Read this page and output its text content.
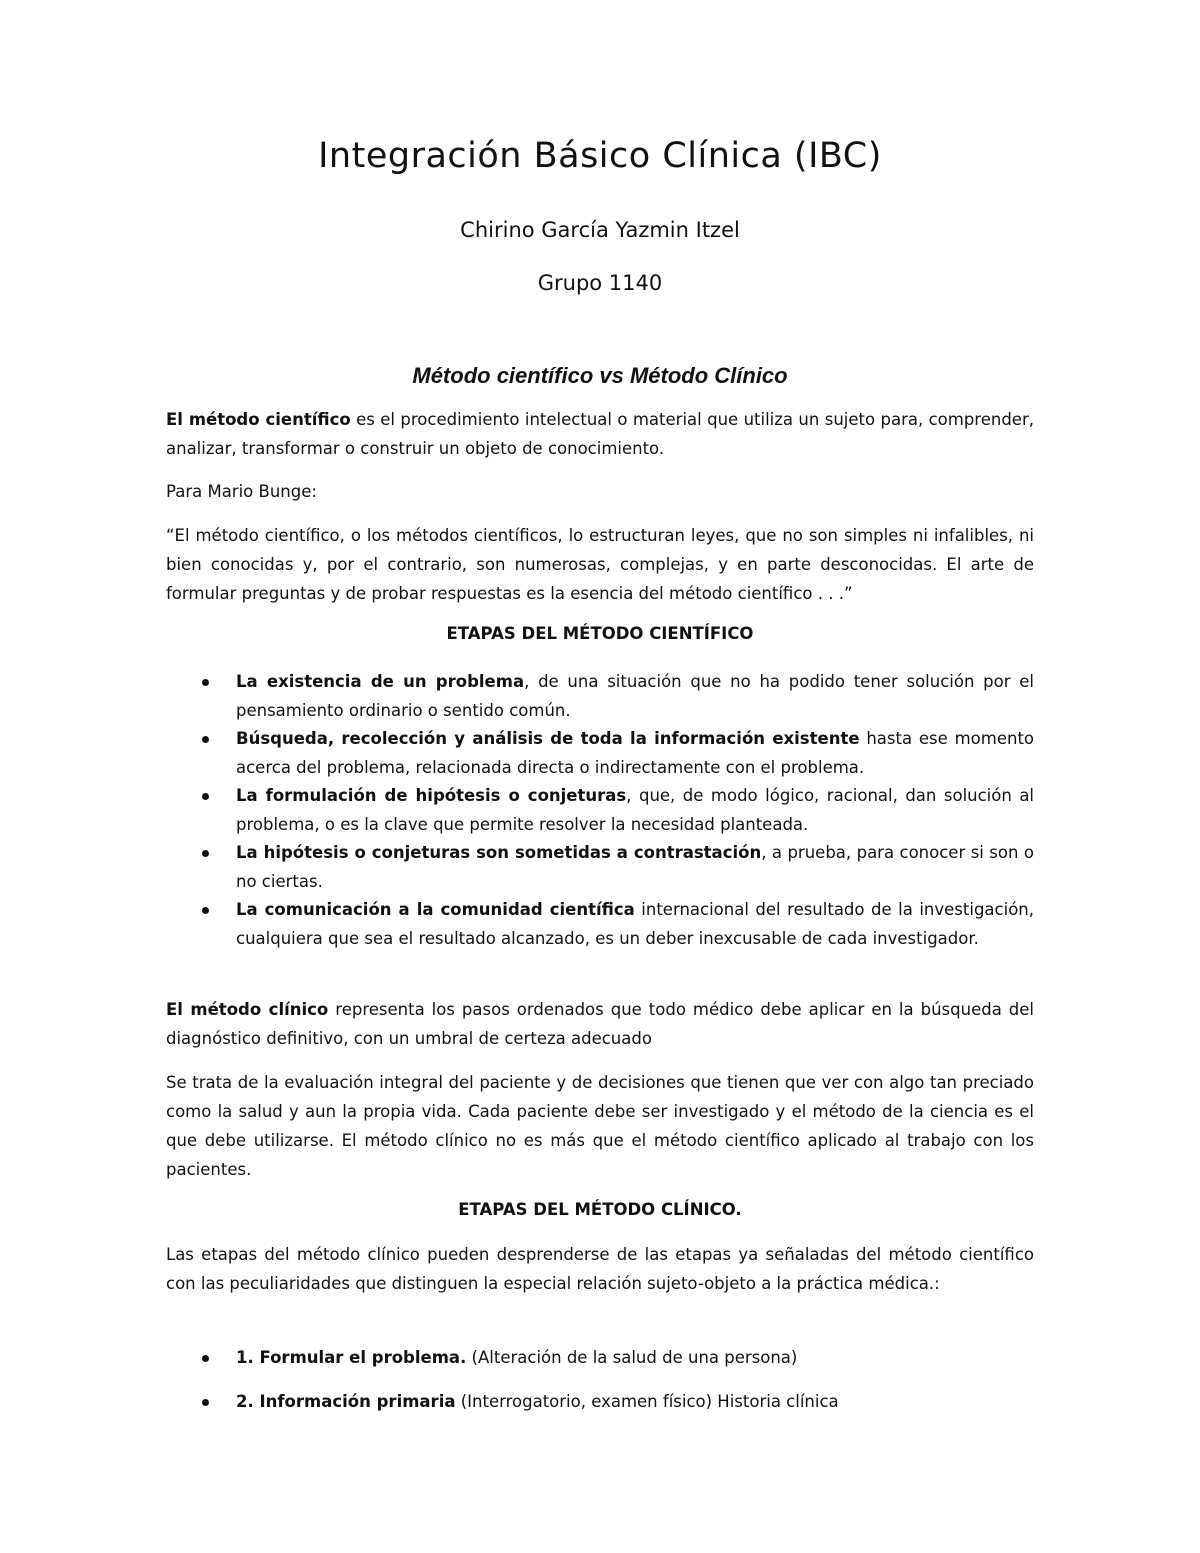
Integración Básico Clínica (IBC)
Chirino García Yazmin Itzel
Grupo 1140
Método científico vs Método Clínico

El método científico es el procedimiento intelectual o material que utiliza un sujeto para, comprender, analizar, transformar o construir un objeto de conocimiento.

Para Mario Bunge:

“El método científico, o los métodos científicos, lo estructuran leyes, que no son simples ni infalibles, ni bien conocidas y, por el contrario, son numerosas, complejas, y en parte desconocidas. El arte de formular preguntas y de probar respuestas es la esencia del método científico . . .”

ETAPAS DEL MÉTODO CIENTÍFICO
La existencia de un problema, de una situación que no ha podido tener solución por el pensamiento ordinario o sentido común.
Búsqueda, recolección y análisis de toda la información existente hasta ese momento acerca del problema, relacionada directa o indirectamente con el problema.
La formulación de hipótesis o conjeturas, que, de modo lógico, racional, dan solución al problema, o es la clave que permite resolver la necesidad planteada.
La hipótesis o conjeturas son sometidas a contrastación, a prueba, para conocer si son o no ciertas.
La comunicación a la comunidad científica internacional del resultado de la investigación, cualquiera que sea el resultado alcanzado, es un deber inexcusable de cada investigador.

El método clínico representa los pasos ordenados que todo médico debe aplicar en la búsqueda del diagnóstico definitivo, con un umbral de certeza adecuado

Se trata de la evaluación integral del paciente y de decisiones que tienen que ver con algo tan preciado como la salud y aun la propia vida. Cada paciente debe ser investigado y el método de la ciencia es el que debe utilizarse. El método clínico no es más que el método científico aplicado al trabajo con los pacientes.

ETAPAS DEL MÉTODO CLÍNICO.

Las etapas del método clínico pueden desprenderse de las etapas ya señaladas del método científico con las peculiaridades que distinguen la especial relación sujeto-objeto a la práctica médica.:

1. Formular el problema. (Alteración de la salud de una persona)
2. Información primaria (Interrogatorio, examen físico) Historia clínica
